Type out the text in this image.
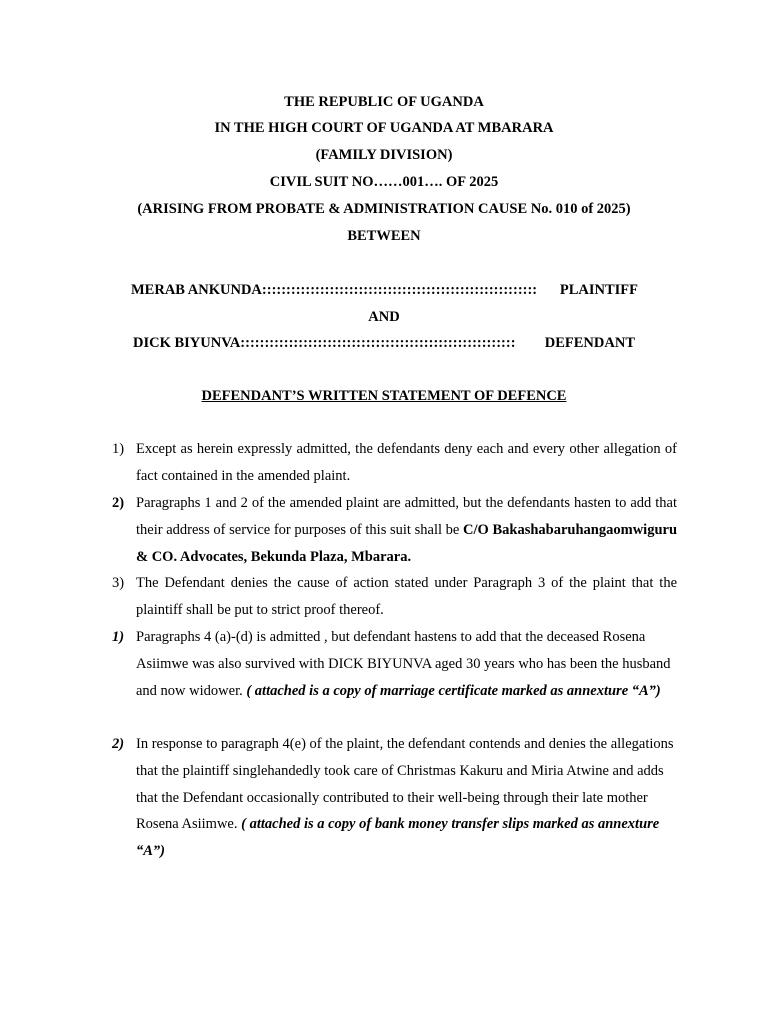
THE REPUBLIC OF UGANDA
IN THE HIGH COURT OF UGANDA AT MBARARA
(FAMILY DIVISION)
CIVIL SUIT NO……001…. OF 2025
(ARISING FROM PROBATE & ADMINISTRATION CAUSE No. 010 of 2025)
BETWEEN
MERAB ANKUNDA::::::::::::::::::::::::::::::::::::::::::::::::::::::::: PLAINTIFF
AND
DICK BIYUNVA::::::::::::::::::::::::::::::::::::::::::::::::::::::::: DEFENDANT
DEFENDANT’S WRITTEN STATEMENT OF DEFENCE
1) Except as herein expressly admitted, the defendants deny each and every other allegation of fact contained in the amended plaint.
2) Paragraphs 1 and 2 of the amended plaint are admitted, but the defendants hasten to add that their address of service for purposes of this suit shall be C/O Bakashabaruhangaomwiguru & CO. Advocates, Bekunda Plaza, Mbarara.
3) The Defendant denies the cause of action stated under Paragraph 3 of the plaint that the plaintiff shall be put to strict proof thereof.
1) Paragraphs 4 (a)-(d) is admitted , but defendant hastens to add that the deceased Rosena Asiimwe was also survived with DICK BIYUNVA aged 30 years who has been the husband and now widower. ( attached is a copy of marriage certificate marked as annexture “A”)
2) In response to paragraph 4(e) of the plaint, the defendant contends and denies the allegations that the plaintiff singlehandedly took care of Christmas Kakuru and Miria Atwine and adds that the Defendant occasionally contributed to their well-being through their late mother Rosena Asiimwe. ( attached is a copy of bank money transfer slips marked as annexture “A”)
